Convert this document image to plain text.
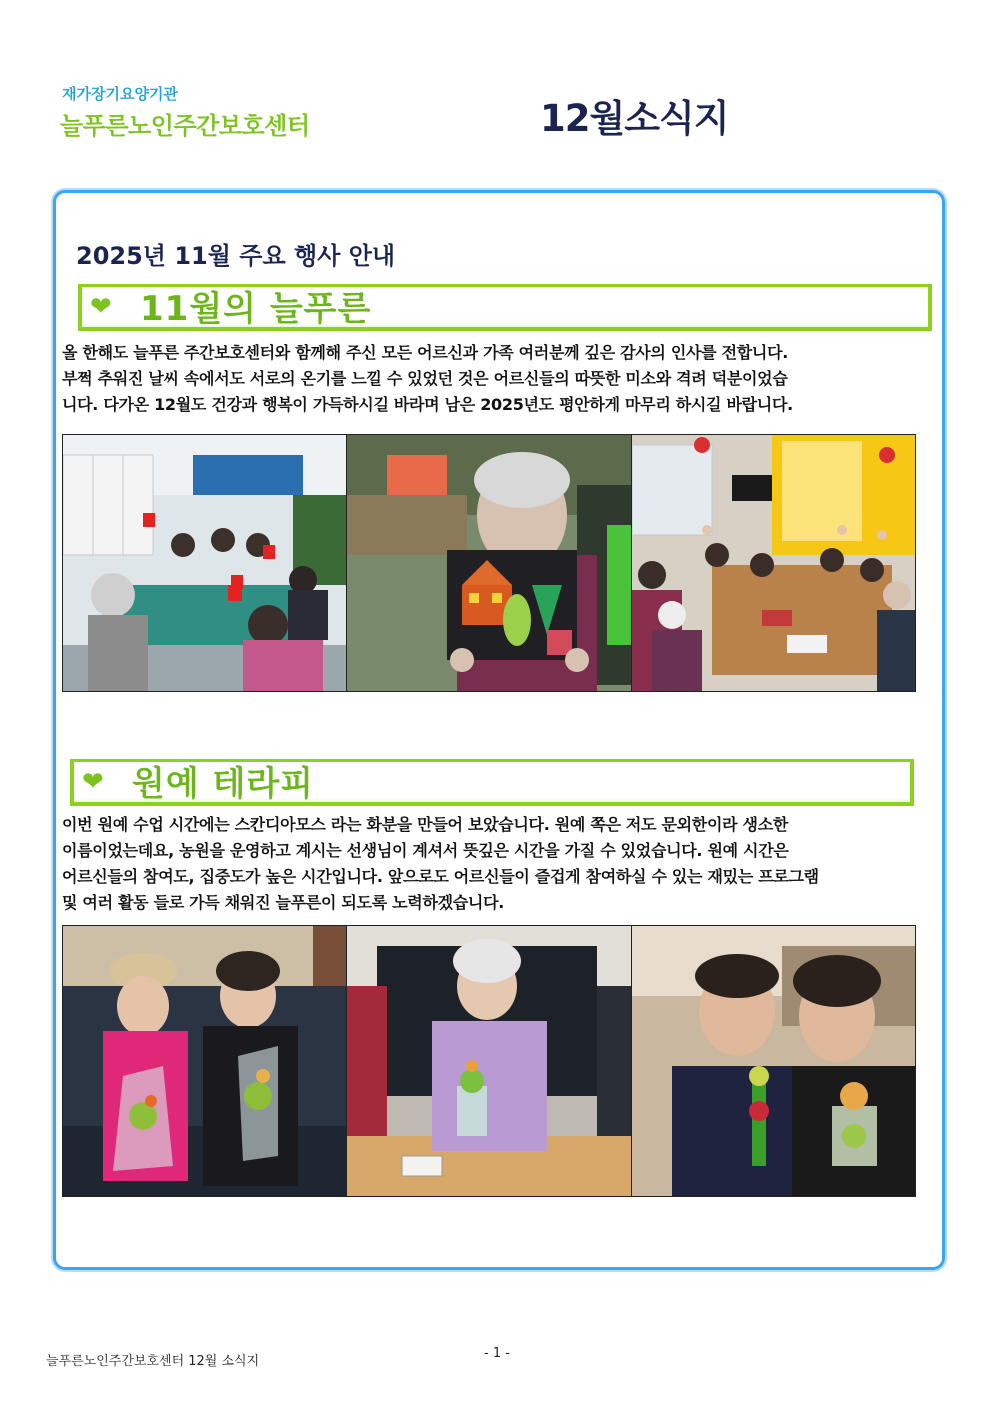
재가장기요양기관
늘푸른노인주간보호센터	12월소식지
2025년 11월 주요 행사 안내
❤ 11월의 늘푸른
올 한해도 늘푸른 주간보호센터와 함께해 주신 모든 어르신과 가족 여러분께 깊은 감사의 인사를 전합니다.
부쩍 추워진 날씨 속에서도 서로의 온기를 느낄 수 있었던 것은 어르신들의 따뜻한 미소와 격려 덕분이었습
니다. 다가온 12월도 건강과 행복이 가득하시길 바라며 남은 2025년도 평안하게 마무리 하시길 바랍니다.
❤ 원예 테라피
이번 원예 수업 시간에는 스칸디아모스 라는 화분을 만들어 보았습니다. 원예 쪽은 저도 문외한이라 생소한
이름이었는데요, 농원을 운영하고 계시는 선생님이 계셔서 뜻깊은 시간을 가질 수 있었습니다. 원예 시간은
어르신들의 참여도, 집중도가 높은 시간입니다. 앞으로도 어르신들이 즐겁게 참여하실 수 있는 재밌는 프로그램
및 여러 활동 들로 가득 채워진 늘푸른이 되도록 노력하겠습니다.
늘푸른노인주간보호센터 12월 소식지
- 1 -
